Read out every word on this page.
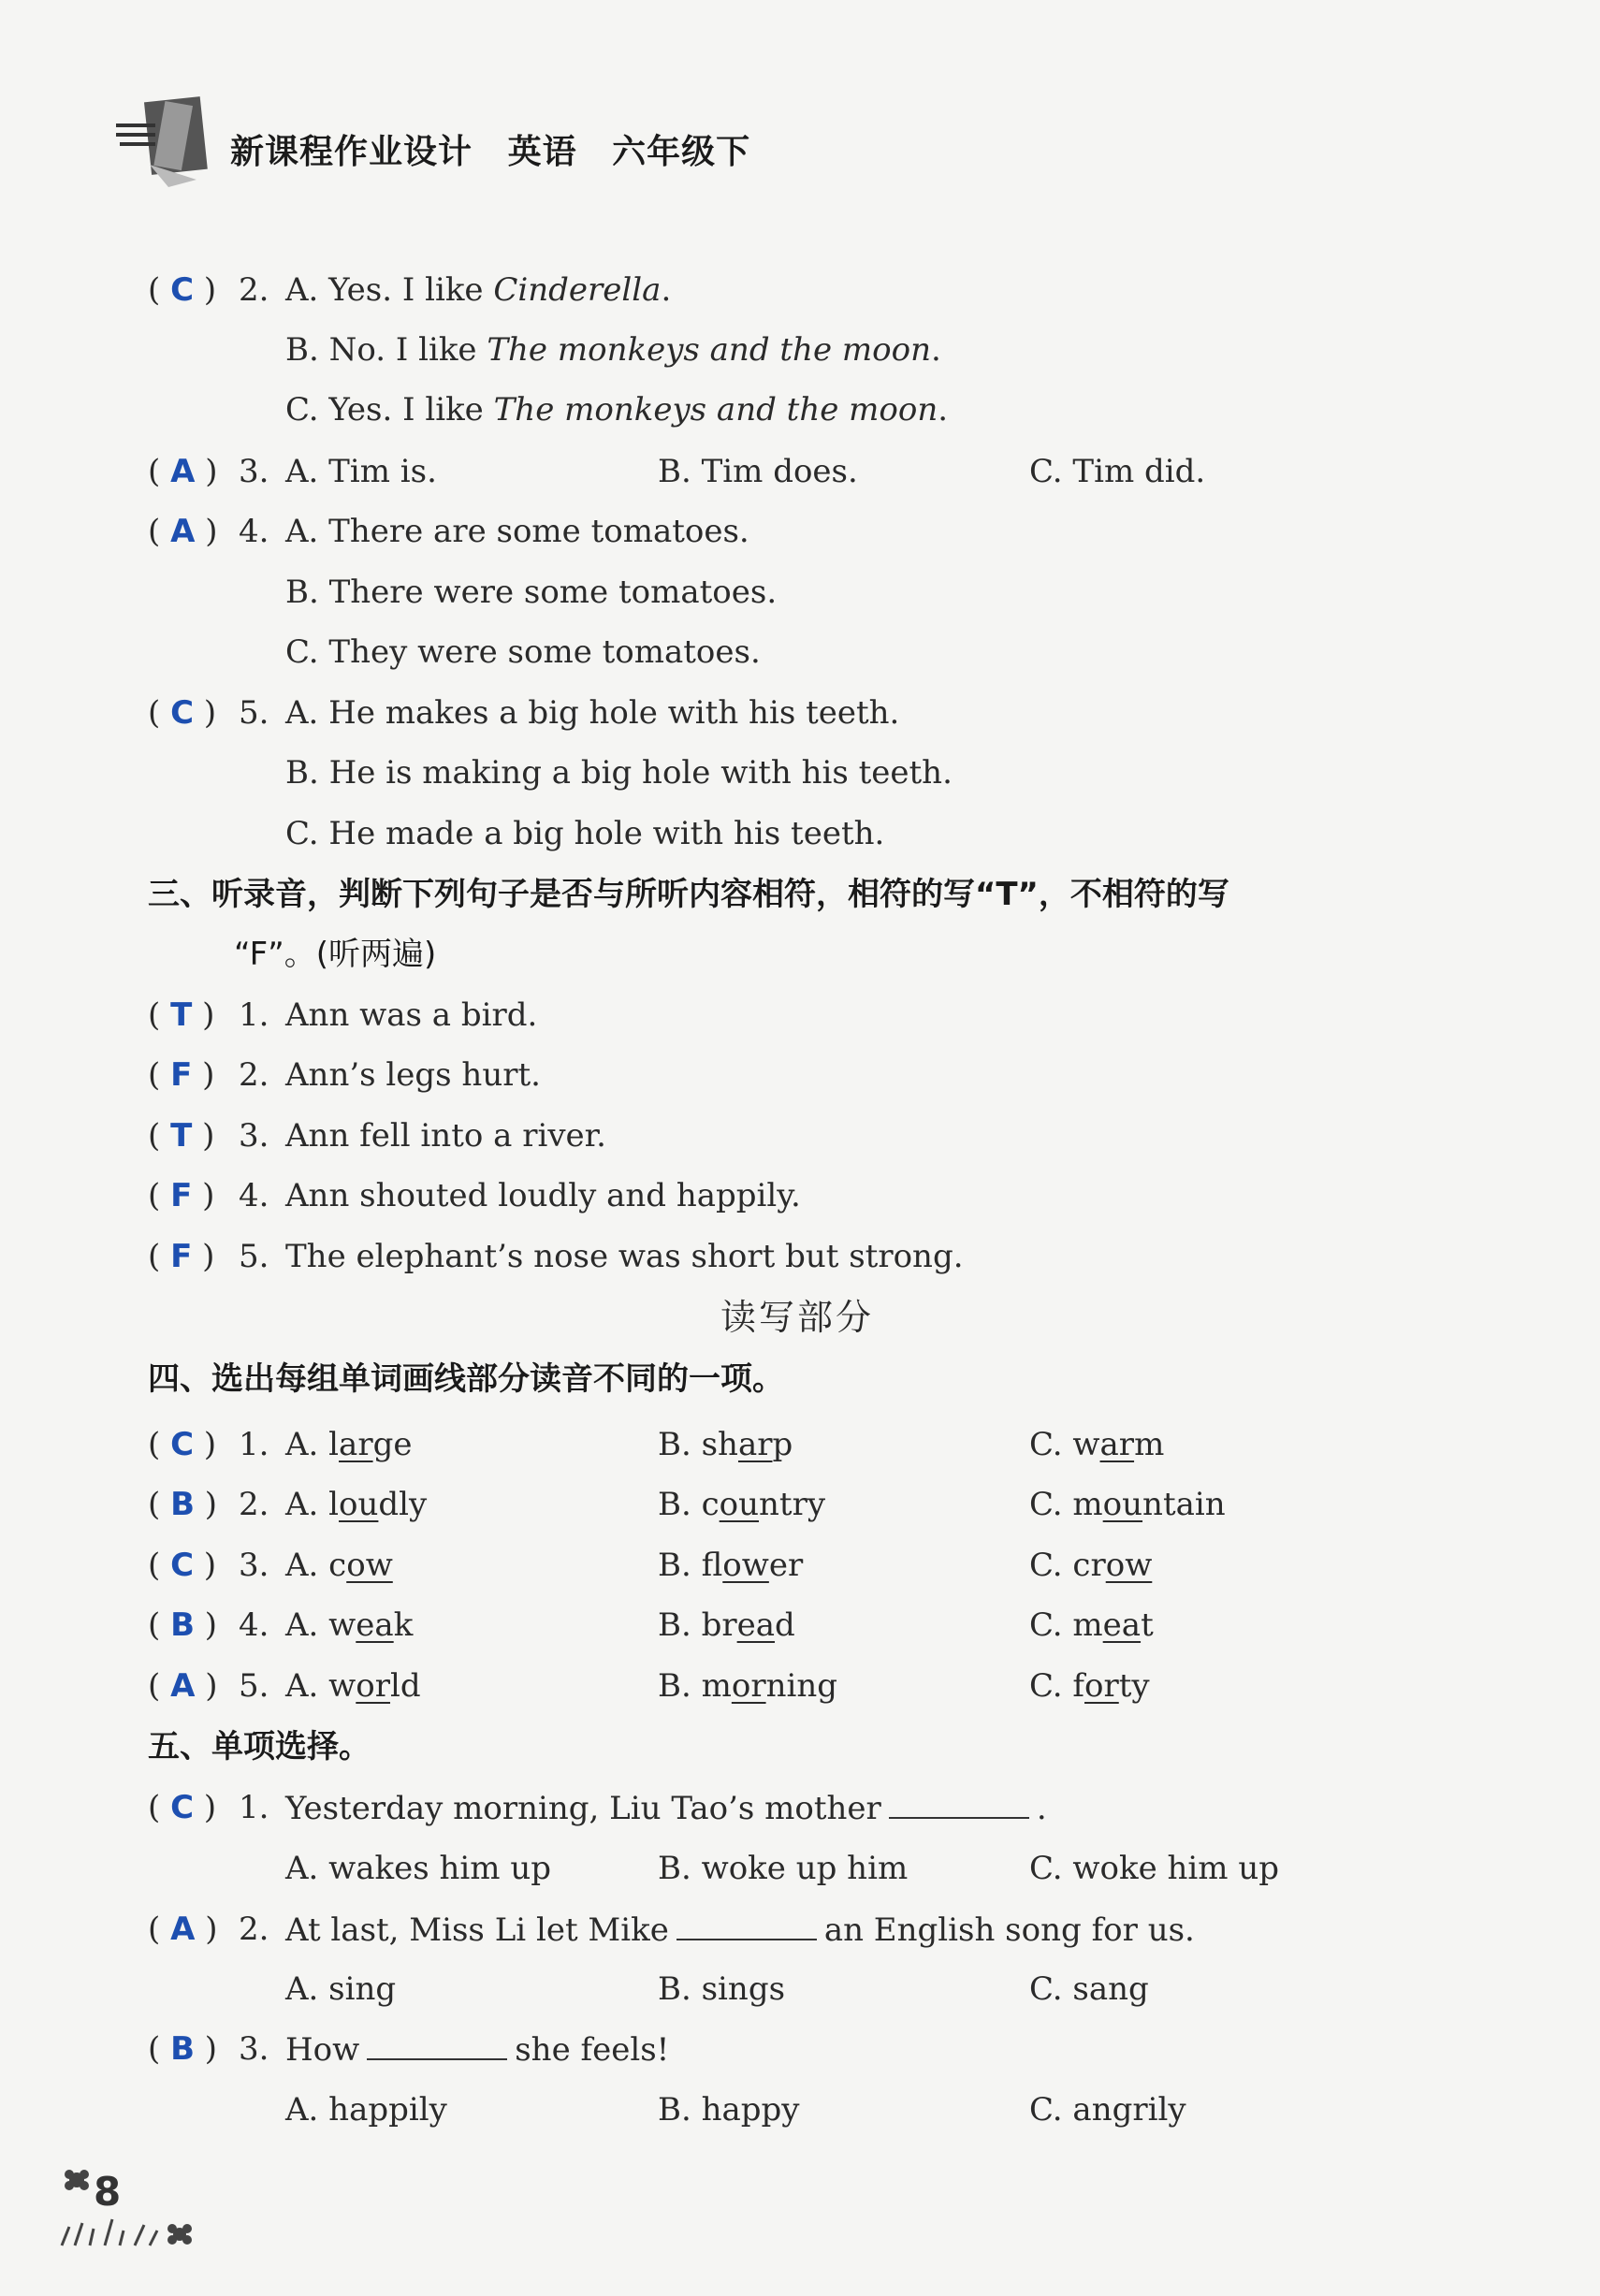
新课程作业设计 英语 六年级下
( C ) 2. A. Yes. I like Cinderella.
B. No. I like The monkeys and the moon.
C. Yes. I like The monkeys and the moon.
( A ) 3. A. Tim is.	B. Tim does.	C. Tim did.
( A ) 4. A. There are some tomatoes.
B. There were some tomatoes.
C. They were some tomatoes.
( C ) 5. A. He makes a big hole with his teeth.
B. He is making a big hole with his teeth.
C. He made a big hole with his teeth.
三、听录音，判断下列句子是否与所听内容相符，相符的写“T”，不相符的写
“F”。(听两遍)
( T ) 1. Ann was a bird.
( F ) 2. Ann’s legs hurt.
( T ) 3. Ann fell into a river.
( F ) 4. Ann shouted loudly and happily.
( F ) 5. The elephant’s nose was short but strong.
读写部分
四、选出每组单词画线部分读音不同的一项。
( C ) 1. A. large	B. sharp	C. warm
( B ) 2. A. loudly	B. country	C. mountain
( C ) 3. A. cow	B. flower	C. crow
( B ) 4. A. weak	B. bread	C. meat
( A ) 5. A. world	B. morning	C. forty
五、单项选择。
( C ) 1. Yesterday morning, Liu Tao’s mother	.
A. wakes him up	B. woke up him	C. woke him up
( A ) 2. At last, Miss Li let Mike	an English song for us.
A. sing	B. sings	C. sang
( B ) 3. How	she feels!
A. happily	B. happy	C. angrily
8
